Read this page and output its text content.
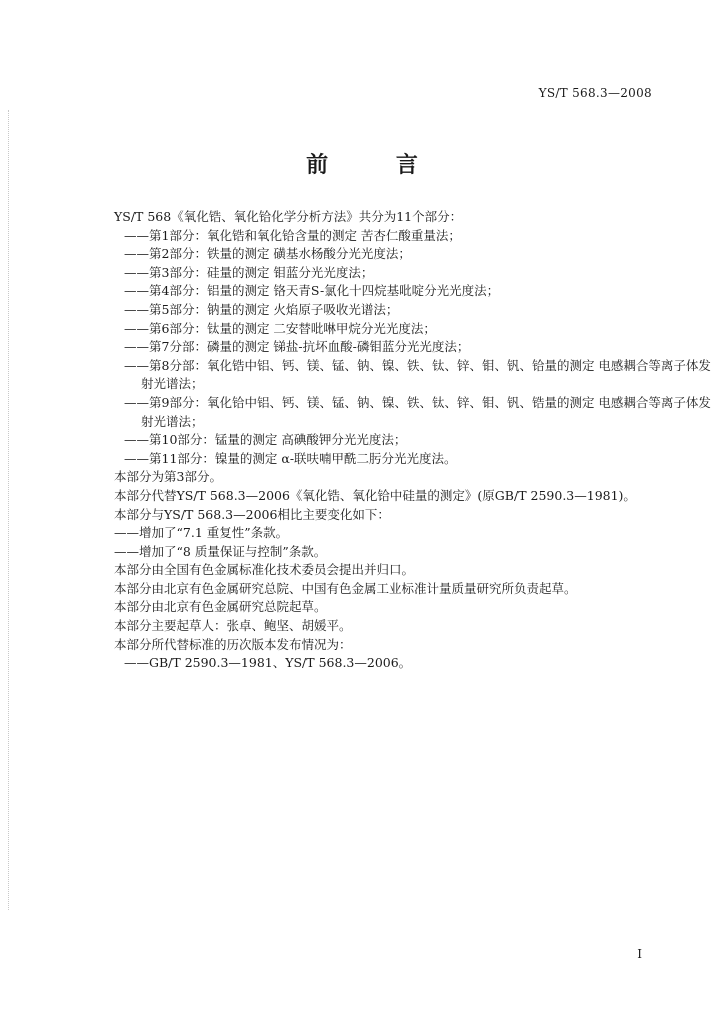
YS/T 568.3—2008
前 言
YS/T 568《氧化锆、氧化铪化学分析方法》共分为11个部分：
——第1部分：氧化锆和氧化铪含量的测定 苦杏仁酸重量法；
——第2部分：铁量的测定 磺基水杨酸分光光度法；
——第3部分：硅量的测定 钼蓝分光光度法；
——第4部分：铝量的测定 铬天青S-氯化十四烷基吡啶分光光度法；
——第5部分：钠量的测定 火焰原子吸收光谱法；
——第6部分：钛量的测定 二安替吡啉甲烷分光光度法；
——第7分部：磷量的测定 锑盐-抗坏血酸-磷钼蓝分光光度法；
——第8分部：氧化锆中铝、钙、镁、锰、钠、镍、铁、钛、锌、钼、钒、铪量的测定 电感耦合等离子体发
射光谱法；
——第9部分：氧化铪中铝、钙、镁、锰、钠、镍、铁、钛、锌、钼、钒、锆量的测定 电感耦合等离子体发
射光谱法；
——第10部分：锰量的测定 高碘酸钾分光光度法；
——第11部分：镍量的测定 α-联呋喃甲酰二肟分光光度法。
本部分为第3部分。
本部分代替YS/T 568.3—2006《氧化锆、氧化铪中硅量的测定》(原GB/T 2590.3—1981)。
本部分与YS/T 568.3—2006相比主要变化如下：
——增加了“7.1 重复性”条款。
——增加了“8 质量保证与控制”条款。
本部分由全国有色金属标准化技术委员会提出并归口。
本部分由北京有色金属研究总院、中国有色金属工业标准计量质量研究所负责起草。
本部分由北京有色金属研究总院起草。
本部分主要起草人：张卓、鲍坚、胡媛平。
本部分所代替标准的历次版本发布情况为：
——GB/T 2590.3—1981、YS/T 568.3—2006。
I
